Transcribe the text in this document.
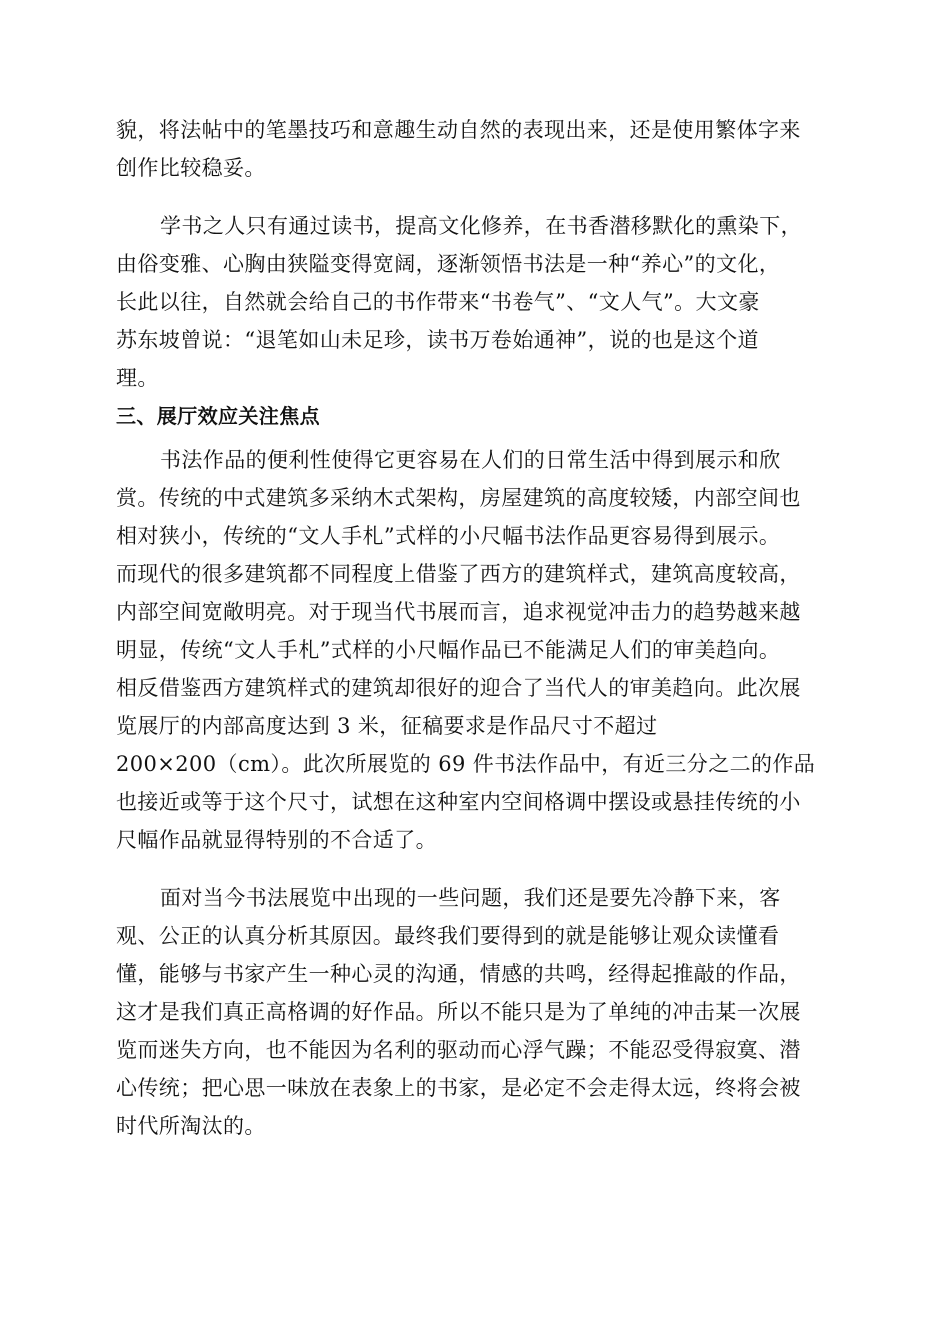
貌，将法帖中的笔墨技巧和意趣生动自然的表现出来，还是使用繁体字来
创作比较稳妥。

学书之人只有通过读书，提高文化修养，在书香潜移默化的熏染下，
由俗变雅、心胸由狭隘变得宽阔，逐渐领悟书法是一种“养心”的文化，
长此以往，自然就会给自己的书作带来“书卷气”、“文人气”。大文豪
苏东坡曾说：“退笔如山未足珍，读书万卷始通神”，说的也是这个道
理。

三、展厅效应关注焦点

书法作品的便利性使得它更容易在人们的日常生活中得到展示和欣
赏。传统的中式建筑多采纳木式架构，房屋建筑的高度较矮，内部空间也
相对狭小，传统的“文人手札”式样的小尺幅书法作品更容易得到展示。
而现代的很多建筑都不同程度上借鉴了西方的建筑样式，建筑高度较高，
内部空间宽敞明亮。对于现当代书展而言，追求视觉冲击力的趋势越来越
明显，传统“文人手札”式样的小尺幅作品已不能满足人们的审美趋向。
相反借鉴西方建筑样式的建筑却很好的迎合了当代人的审美趋向。此次展
览展厅的内部高度达到 3 米，征稿要求是作品尺寸不超过
200×200（cm）。此次所展览的 69 件书法作品中，有近三分之二的作品
也接近或等于这个尺寸，试想在这种室内空间格调中摆设或悬挂传统的小
尺幅作品就显得特别的不合适了。

面对当今书法展览中出现的一些问题，我们还是要先冷静下来，客
观、公正的认真分析其原因。最终我们要得到的就是能够让观众读懂看
懂，能够与书家产生一种心灵的沟通，情感的共鸣，经得起推敲的作品，
这才是我们真正高格调的好作品。所以不能只是为了单纯的冲击某一次展
览而迷失方向，也不能因为名利的驱动而心浮气躁；不能忍受得寂寞、潜
心传统；把心思一味放在表象上的书家，是必定不会走得太远，终将会被
时代所淘汰的。
